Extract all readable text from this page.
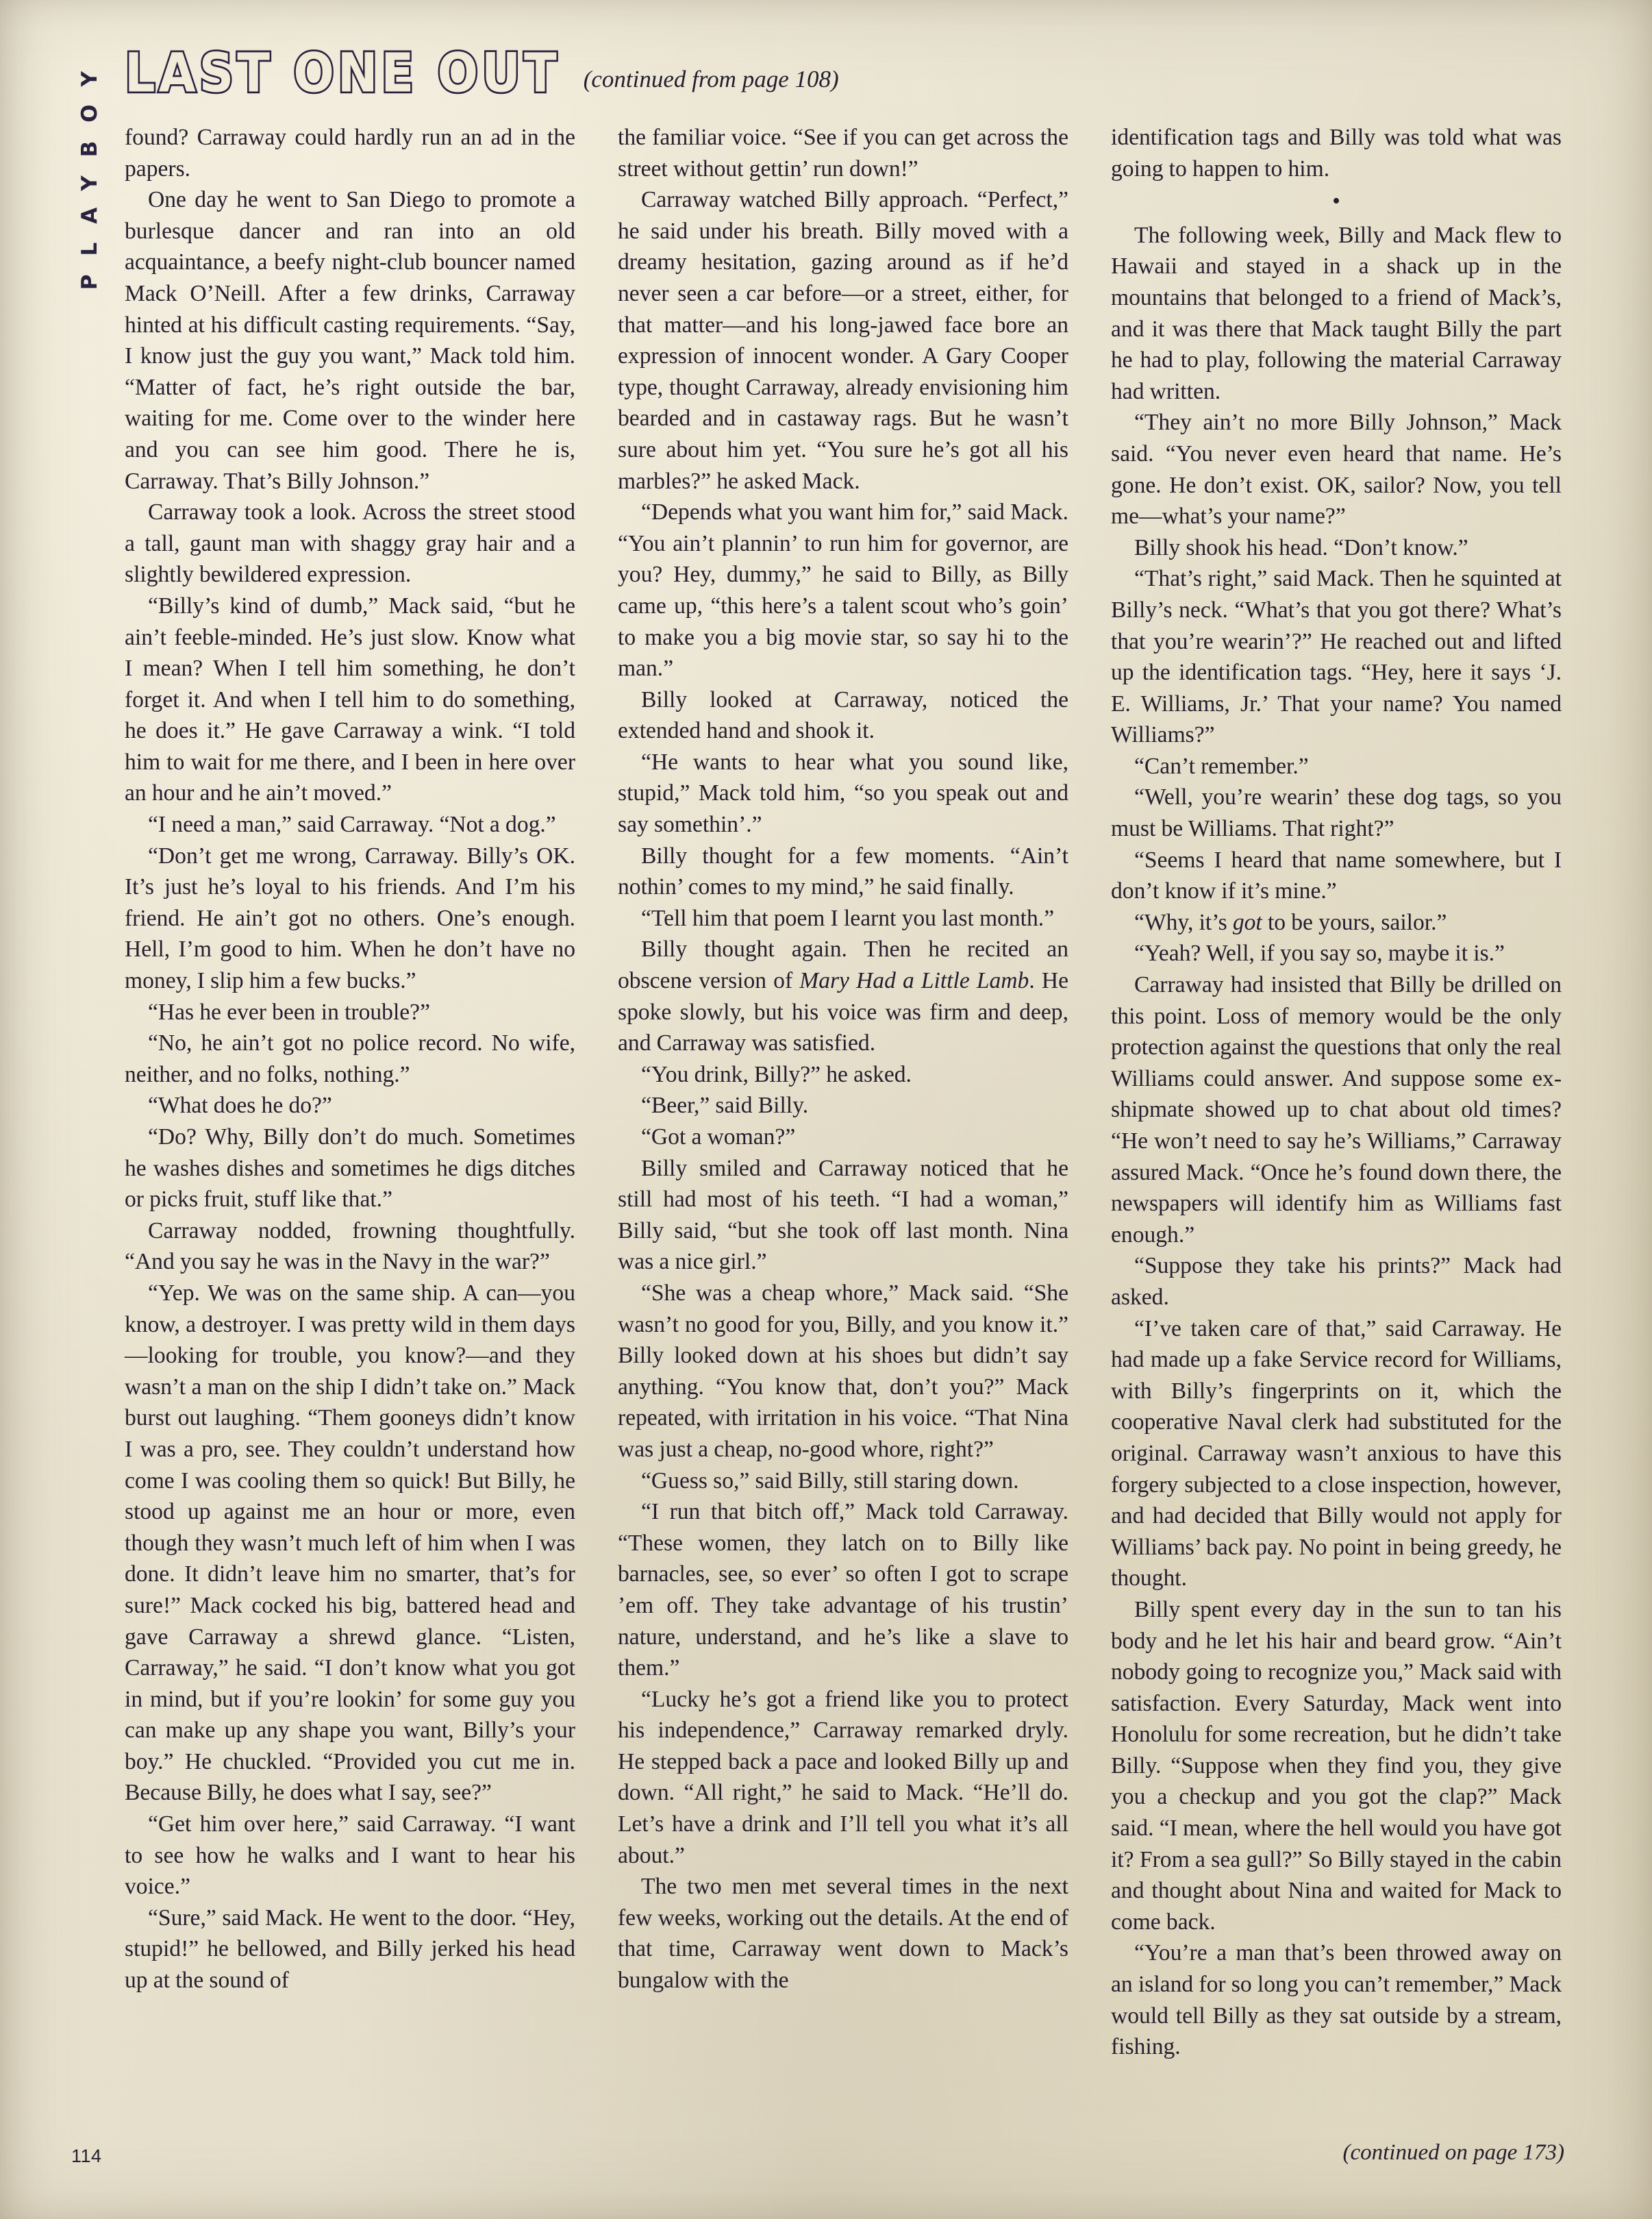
PLAYBOY LAST ONE OUT (continued from page 108)

found? Carraway could hardly run an ad in the papers.

One day he went to San Diego to promote a burlesque dancer and ran into an old acquaintance, a beefy night-club bouncer named Mack O’Neill. After a few drinks, Carraway hinted at his difficult casting requirements. “Say, I know just the guy you want,” Mack told him. “Matter of fact, he’s right outside the bar, waiting for me. Come over to the winder here and you can see him good. There he is, Carraway. That’s Billy Johnson.”

Carraway took a look. Across the street stood a tall, gaunt man with shaggy gray hair and a slightly bewildered expression.

“Billy’s kind of dumb,” Mack said, “but he ain’t feeble-minded. He’s just slow. Know what I mean? When I tell him something, he don’t forget it. And when I tell him to do something, he does it.” He gave Carraway a wink. “I told him to wait for me there, and I been in here over an hour and he ain’t moved.”

“I need a man,” said Carraway. “Not a dog.”

“Don’t get me wrong, Carraway. Billy’s OK. It’s just he’s loyal to his friends. And I’m his friend. He ain’t got no others. One’s enough. Hell, I’m good to him. When he don’t have no money, I slip him a few bucks.”

“Has he ever been in trouble?”

“No, he ain’t got no police record. No wife, neither, and no folks, nothing.”

“What does he do?”

“Do? Why, Billy don’t do much. Sometimes he washes dishes and sometimes he digs ditches or picks fruit, stuff like that.”

Carraway nodded, frowning thoughtfully. “And you say he was in the Navy in the war?”

“Yep. We was on the same ship. A can—you know, a destroyer. I was pretty wild in them days—looking for trouble, you know?—and they wasn’t a man on the ship I didn’t take on.” Mack burst out laughing. “Them gooneys didn’t know I was a pro, see. They couldn’t understand how come I was cooling them so quick! But Billy, he stood up against me an hour or more, even though they wasn’t much left of him when I was done. It didn’t leave him no smarter, that’s for sure!” Mack cocked his big, battered head and gave Carraway a shrewd glance. “Listen, Carraway,” he said. “I don’t know what you got in mind, but if you’re lookin’ for some guy you can make up any shape you want, Billy’s your boy.” He chuckled. “Provided you cut me in. Because Billy, he does what I say, see?”

“Get him over here,” said Carraway. “I want to see how he walks and I want to hear his voice.”

“Sure,” said Mack. He went to the door. “Hey, stupid!” he bellowed, and Billy jerked his head up at the sound of

the familiar voice. “See if you can get across the street without gettin’ run down!”

Carraway watched Billy approach. “Perfect,” he said under his breath. Billy moved with a dreamy hesitation, gazing around as if he’d never seen a car before—or a street, either, for that matter—and his long-jawed face bore an expression of innocent wonder. A Gary Cooper type, thought Carraway, already envisioning him bearded and in castaway rags. But he wasn’t sure about him yet. “You sure he’s got all his marbles?” he asked Mack.

“Depends what you want him for,” said Mack. “You ain’t plannin’ to run him for governor, are you? Hey, dummy,” he said to Billy, as Billy came up, “this here’s a talent scout who’s goin’ to make you a big movie star, so say hi to the man.”

Billy looked at Carraway, noticed the extended hand and shook it.

“He wants to hear what you sound like, stupid,” Mack told him, “so you speak out and say somethin’.”

Billy thought for a few moments. “Ain’t nothin’ comes to my mind,” he said finally.

“Tell him that poem I learnt you last month.”

Billy thought again. Then he recited an obscene version of Mary Had a Little Lamb. He spoke slowly, but his voice was firm and deep, and Carraway was satisfied.

“You drink, Billy?” he asked.

“Beer,” said Billy.

“Got a woman?”

Billy smiled and Carraway noticed that he still had most of his teeth. “I had a woman,” Billy said, “but she took off last month. Nina was a nice girl.”

“She was a cheap whore,” Mack said. “She wasn’t no good for you, Billy, and you know it.” Billy looked down at his shoes but didn’t say anything. “You know that, don’t you?” Mack repeated, with irritation in his voice. “That Nina was just a cheap, no-good whore, right?”

“Guess so,” said Billy, still staring down.

“I run that bitch off,” Mack told Carraway. “These women, they latch on to Billy like barnacles, see, so ever’ so often I got to scrape ’em off. They take advantage of his trustin’ nature, understand, and he’s like a slave to them.”

“Lucky he’s got a friend like you to protect his independence,” Carraway remarked dryly. He stepped back a pace and looked Billy up and down. “All right,” he said to Mack. “He’ll do. Let’s have a drink and I’ll tell you what it’s all about.”

The two men met several times in the next few weeks, working out the details. At the end of that time, Carraway went down to Mack’s bungalow with the

identification tags and Billy was told what was going to happen to him.

•

The following week, Billy and Mack flew to Hawaii and stayed in a shack up in the mountains that belonged to a friend of Mack’s, and it was there that Mack taught Billy the part he had to play, following the material Carraway had written.

“They ain’t no more Billy Johnson,” Mack said. “You never even heard that name. He’s gone. He don’t exist. OK, sailor? Now, you tell me—what’s your name?”

Billy shook his head. “Don’t know.”

“That’s right,” said Mack. Then he squinted at Billy’s neck. “What’s that you got there? What’s that you’re wearin’?” He reached out and lifted up the identification tags. “Hey, here it says ‘J. E. Williams, Jr.’ That your name? You named Williams?”

“Can’t remember.”

“Well, you’re wearin’ these dog tags, so you must be Williams. That right?”

“Seems I heard that name somewhere, but I don’t know if it’s mine.”

“Why, it’s got to be yours, sailor.”

“Yeah? Well, if you say so, maybe it is.”

Carraway had insisted that Billy be drilled on this point. Loss of memory would be the only protection against the questions that only the real Williams could answer. And suppose some ex-shipmate showed up to chat about old times? “He won’t need to say he’s Williams,” Carraway assured Mack. “Once he’s found down there, the newspapers will identify him as Williams fast enough.”

“Suppose they take his prints?” Mack had asked.

“I’ve taken care of that,” said Carraway. He had made up a fake Service record for Williams, with Billy’s fingerprints on it, which the cooperative Naval clerk had substituted for the original. Carraway wasn’t anxious to have this forgery subjected to a close inspection, however, and had decided that Billy would not apply for Williams’ back pay. No point in being greedy, he thought.

Billy spent every day in the sun to tan his body and he let his hair and beard grow. “Ain’t nobody going to recognize you,” Mack said with satisfaction. Every Saturday, Mack went into Honolulu for some recreation, but he didn’t take Billy. “Suppose when they find you, they give you a checkup and you got the clap?” Mack said. “I mean, where the hell would you have got it? From a sea gull?” So Billy stayed in the cabin and thought about Nina and waited for Mack to come back.

“You’re a man that’s been throwed away on an island for so long you can’t remember,” Mack would tell Billy as they sat outside by a stream, fishing.

114	(continued on page 173)
